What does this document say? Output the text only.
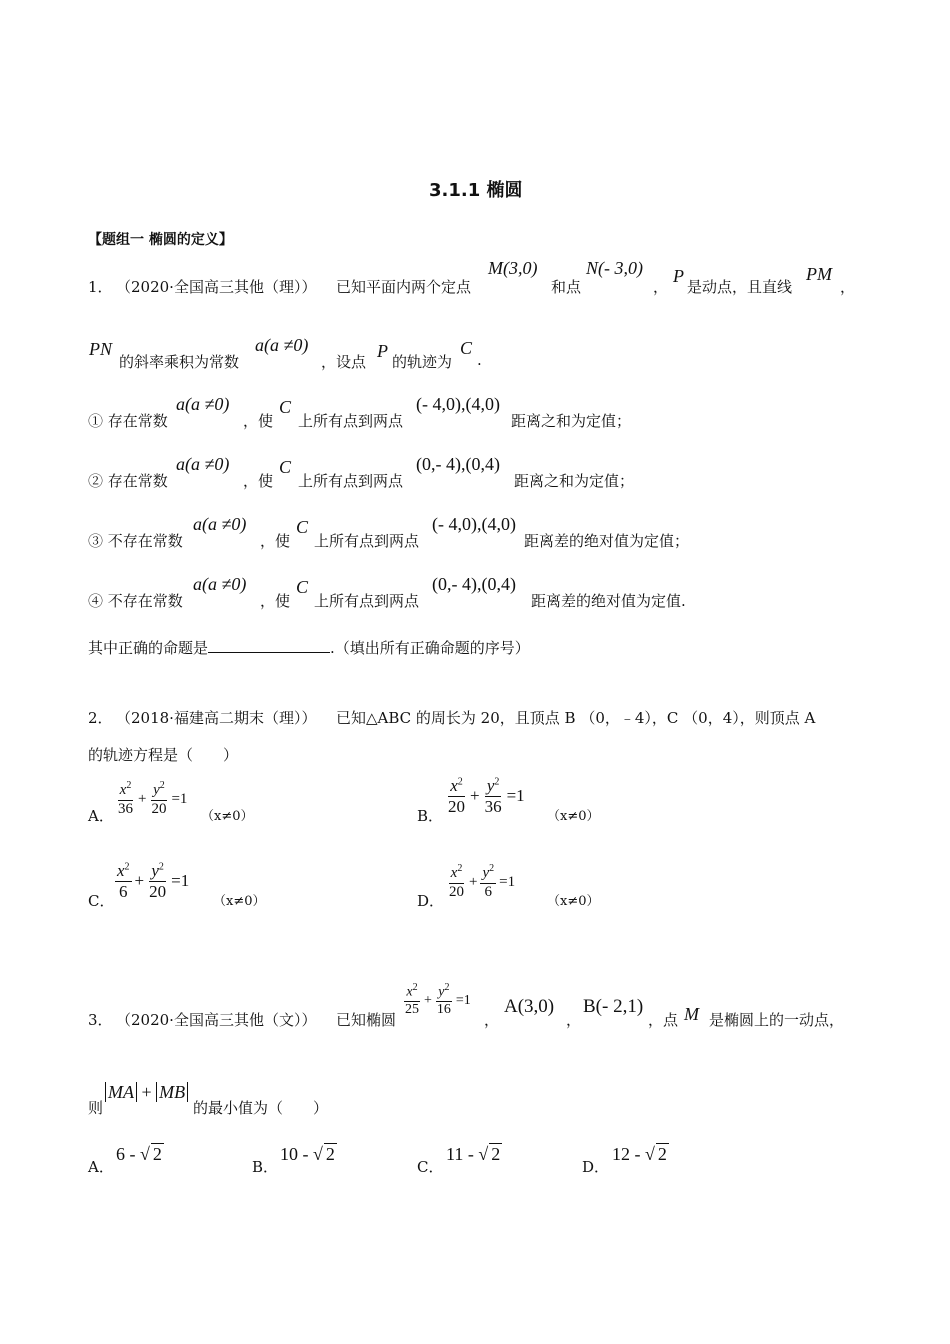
3.1.1 椭圆
【题组一 椭圆的定义】
1． （2020·全国高三其他（理）） 已知平面内两个定点
M(3,0)
和点
N(- 3,0)
，
P
是动点，且直线
PM
，
PN
的斜率乘积为常数
a(a ≠0)
，设点
P
的轨迹为
C
.
① 存在常数
a(a ≠0)
，使
C
上所有点到两点
(- 4,0),(4,0)
距离之和为定值；
② 存在常数
a(a ≠0)
，使
C
上所有点到两点
(0,- 4),(0,4)
距离之和为定值；
③ 不存在常数
a(a ≠0)
，使
C
上所有点到两点
(- 4,0),(4,0)
距离差的绝对值为定值；
④ 不存在常数
a(a ≠0)
，使
C
上所有点到两点
(0,- 4),(0,4)
距离差的绝对值为定值.
其中正确的命题是	.（填出所有正确命题的序号）
2． （2018·福建高二期末（理）） 已知△ABC 的周长为 20，且顶点 B （0，﹣4），C （0，4），则顶点 A
的轨迹方程是（　　）
A． $\frac{x^2}{36} + \frac{y^2}{20} =1$
（x≠0）	B．
$\frac{x^2}{20} + \frac{y^2}{36} =1$
（x≠0）
C．
$\frac{x^2}{6} + \frac{y^2}{20} =1$
（x≠0）	D．
$\frac{x^2}{20} + \frac{y^2}{6} =1$
（x≠0）
3． （2020·全国高三其他（文）） 已知椭圆
$\frac{x^2}{25} + \frac{y^2}{16} =1$
，
A(3,0)
，
B(- 2,1)
，点 M 是椭圆上的一动点，
则
MA + MB
的最小值为（　　）
A．
6 - √ 2
B．
10 - √ 2
C．
11 - √ 2
D．
12 - √ 2
